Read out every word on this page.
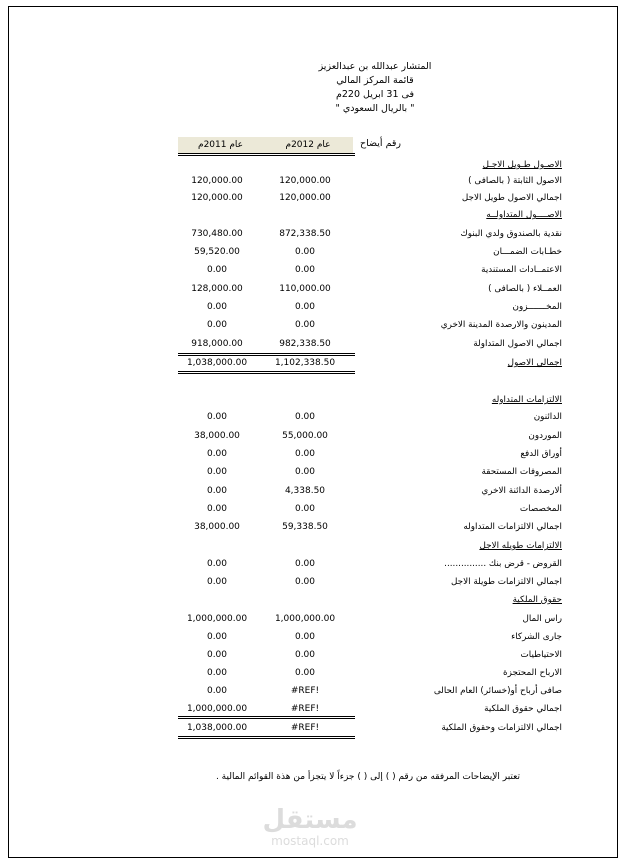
المتشار عبدالله بن عبدالعزيز
قائمة المركز المالي
فى 31 ابريل 220م
" بالريال السعودي "
رقم أيضاح
عام 2012م
عام 2011م
الاصـول طـويل الاجـل
الاصول الثابتة ( بالصافى )
120,000.00
120,000.00
اجمالي الاصول طويل الاجل
120,000.00
120,000.00
الاصــــول المتداولــه
نقدية بالصندوق ولدي البنوك
872,338.50
730,480.00
خطـابات الضمـــان
0.00
59,520.00
الاعتمــادات المستندية
0.00
0.00
العمــلاء ( بالصافى )
110,000.00
128,000.00
المخـــــــزون
0.00
0.00
المدينون والارصدة المدينة الاخري
0.00
0.00
اجمالي الاصول المتداولة
982,338.50
918,000.00
اجمالي الاصول
1,102,338.50
1,038,000.00
الالتزامات المتداوله
الدائنون
0.00
0.00
الموردون
55,000.00
38,000.00
أوراق الدفع
0.00
0.00
المصروفات المستحقة
0.00
0.00
ألارصدة الدائنة الاخري
4,338.50
0.00
المخصصات
0.00
0.00
اجمالي الالتزامات المتداوله
59,338.50
38,000.00
الالتزامات طويله الاجل
القروض - قرض بنك ...............
0.00
0.00
اجمالي الالتزامات طويلة الاجل
0.00
0.00
حقوق الملكية
راس المال
1,000,000.00
1,000,000.00
جارى الشركاء
0.00
0.00
الاحتياطيات
0.00
0.00
الارباح المحتجزة
0.00
0.00
صافى أرباح أو(خسائر) العام الحالى
#REF!
0.00
اجمالي حقوق الملكية
#REF!
1,000,000.00
اجمالي الالتزامات وحقوق الملكية
#REF!
1,038,000.00
تعتبر الإيضاحات المرفقه من رقم ( ) إلى ( ) جزءاً لا يتجزأ من هذة القوائم المالية .
مستقل
mostaql.com
